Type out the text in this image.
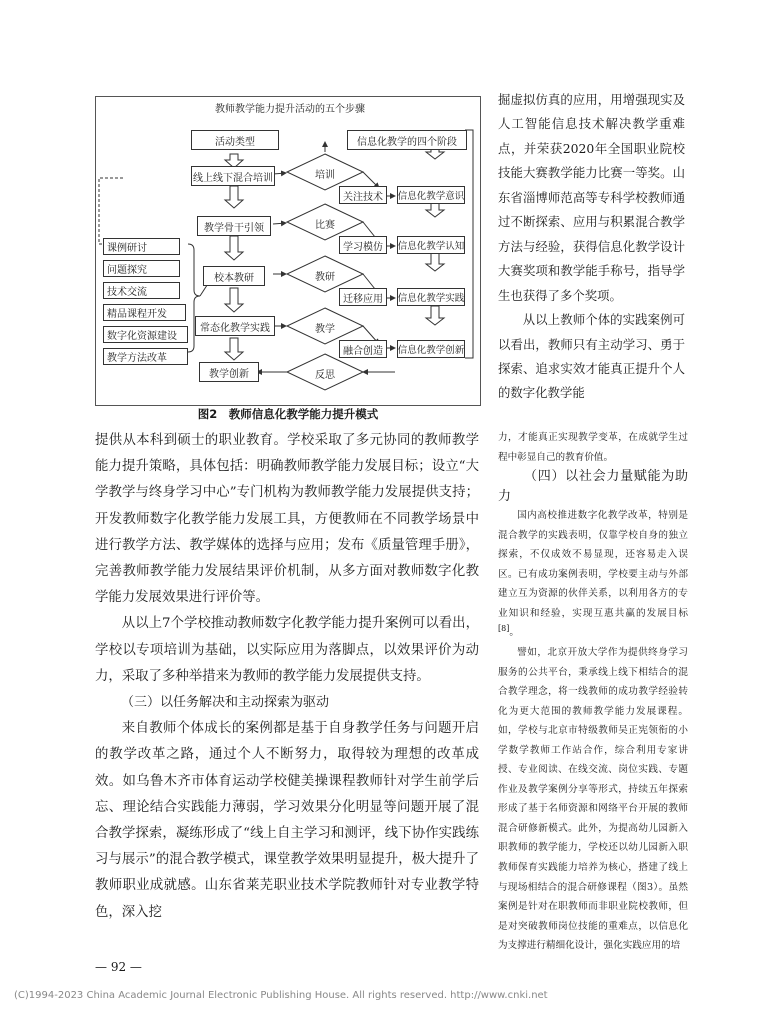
教师教学能力提升活动的五个步骤
活动类型	信息化教学的四个阶段
线上线下混合培训
教学骨干引领
校本教研
常态化教学实践
教学创新
培训
比赛
教研
教学
反思
关注技术
学习模仿
迁移应用
融合创造
信息化教学意识
信息化教学认知
信息化教学实践
信息化教学创新
课例研讨
问题探究
技术交流
精品课程开发
数字化资源建设
教学方法改革
图2　教师信息化教学能力提升模式

掘虚拟仿真的应用，用增强现实及人工智能信息技术解决教学重难点，并荣获2020年全国职业院校技能大赛教学能力比赛一等奖。山东省淄博师范高等专科学校教师通过不断探索、应用与积累混合教学方法与经验，获得信息化教学设计大赛奖项和教学能手称号，指导学生也获得了多个奖项。

从以上教师个体的实践案例可以看出，教师只有主动学习、勇于探索、追求实效才能真正提升个人的数字化教学能

提供从本科到硕士的职业教育。学校采取了多元协同的教师教学能力提升策略，具体包括：明确教师教学能力发展目标；设立“大学教学与终身学习中心”专门机构为教师教学能力发展提供支持；开发教师数字化教学能力发展工具，方便教师在不同教学场景中进行教学方法、教学媒体的选择与应用；发布《质量管理手册》，完善教师教学能力发展结果评价机制，从多方面对教师数字化教学能力发展效果进行评价等。

从以上7个学校推动教师数字化教学能力提升案例可以看出，学校以专项培训为基础，以实际应用为落脚点，以效果评价为动力，采取了多种举措来为教师的教学能力发展提供支持。

（三）以任务解决和主动探索为驱动

来自教师个体成长的案例都是基于自身教学任务与问题开启的教学改革之路，通过个人不断努力，取得较为理想的改革成效。如乌鲁木齐市体育运动学校健美操课程教师针对学生前学后忘、理论结合实践能力薄弱，学习效果分化明显等问题开展了混合教学探索，凝练形成了“线上自主学习和测评，线下协作实践练习与展示”的混合教学模式，课堂教学效果明显提升，极大提升了教师职业成就感。山东省莱芜职业技术学院教师针对专业教学特色，深入挖

力，才能真正实现教学变革，在成就学生过程中彰显自己的教育价值。

（四）以社会力量赋能为助力

国内高校推进数字化教学改革，特别是混合教学的实践表明，仅靠学校自身的独立探索，不仅成效不易显现，还容易走入误区。已有成功案例表明，学校要主动与外部建立互为资源的伙伴关系，以利用各方的专业知识和经验，实现互惠共赢的发展目标[8]。

譬如，北京开放大学作为提供终身学习服务的公共平台，秉承线上线下相结合的混合教学理念，将一线教师的成功教学经验转化为更大范围的教师教学能力发展课程。如，学校与北京市特级教师吴正宪领衔的小学数学教师工作站合作，综合利用专家讲授、专业阅读、在线交流、岗位实践、专题作业及教学案例分享等形式，持续五年探索形成了基于名师资源和网络平台开展的教师混合研修新模式。此外，为提高幼儿园新入职教师的教学能力，学校还以幼儿园新入职教师保育实践能力培养为核心，搭建了线上与现场相结合的混合研修课程（图3）。虽然案例是针对在职教师而非职业院校教师，但是对突破教师岗位技能的重难点，以信息化为支撑进行精细化设计，强化实践应用的培

— 92 —
(C)1994-2023 China Academic Journal Electronic Publishing House. All rights reserved. http://www.cnki.net
